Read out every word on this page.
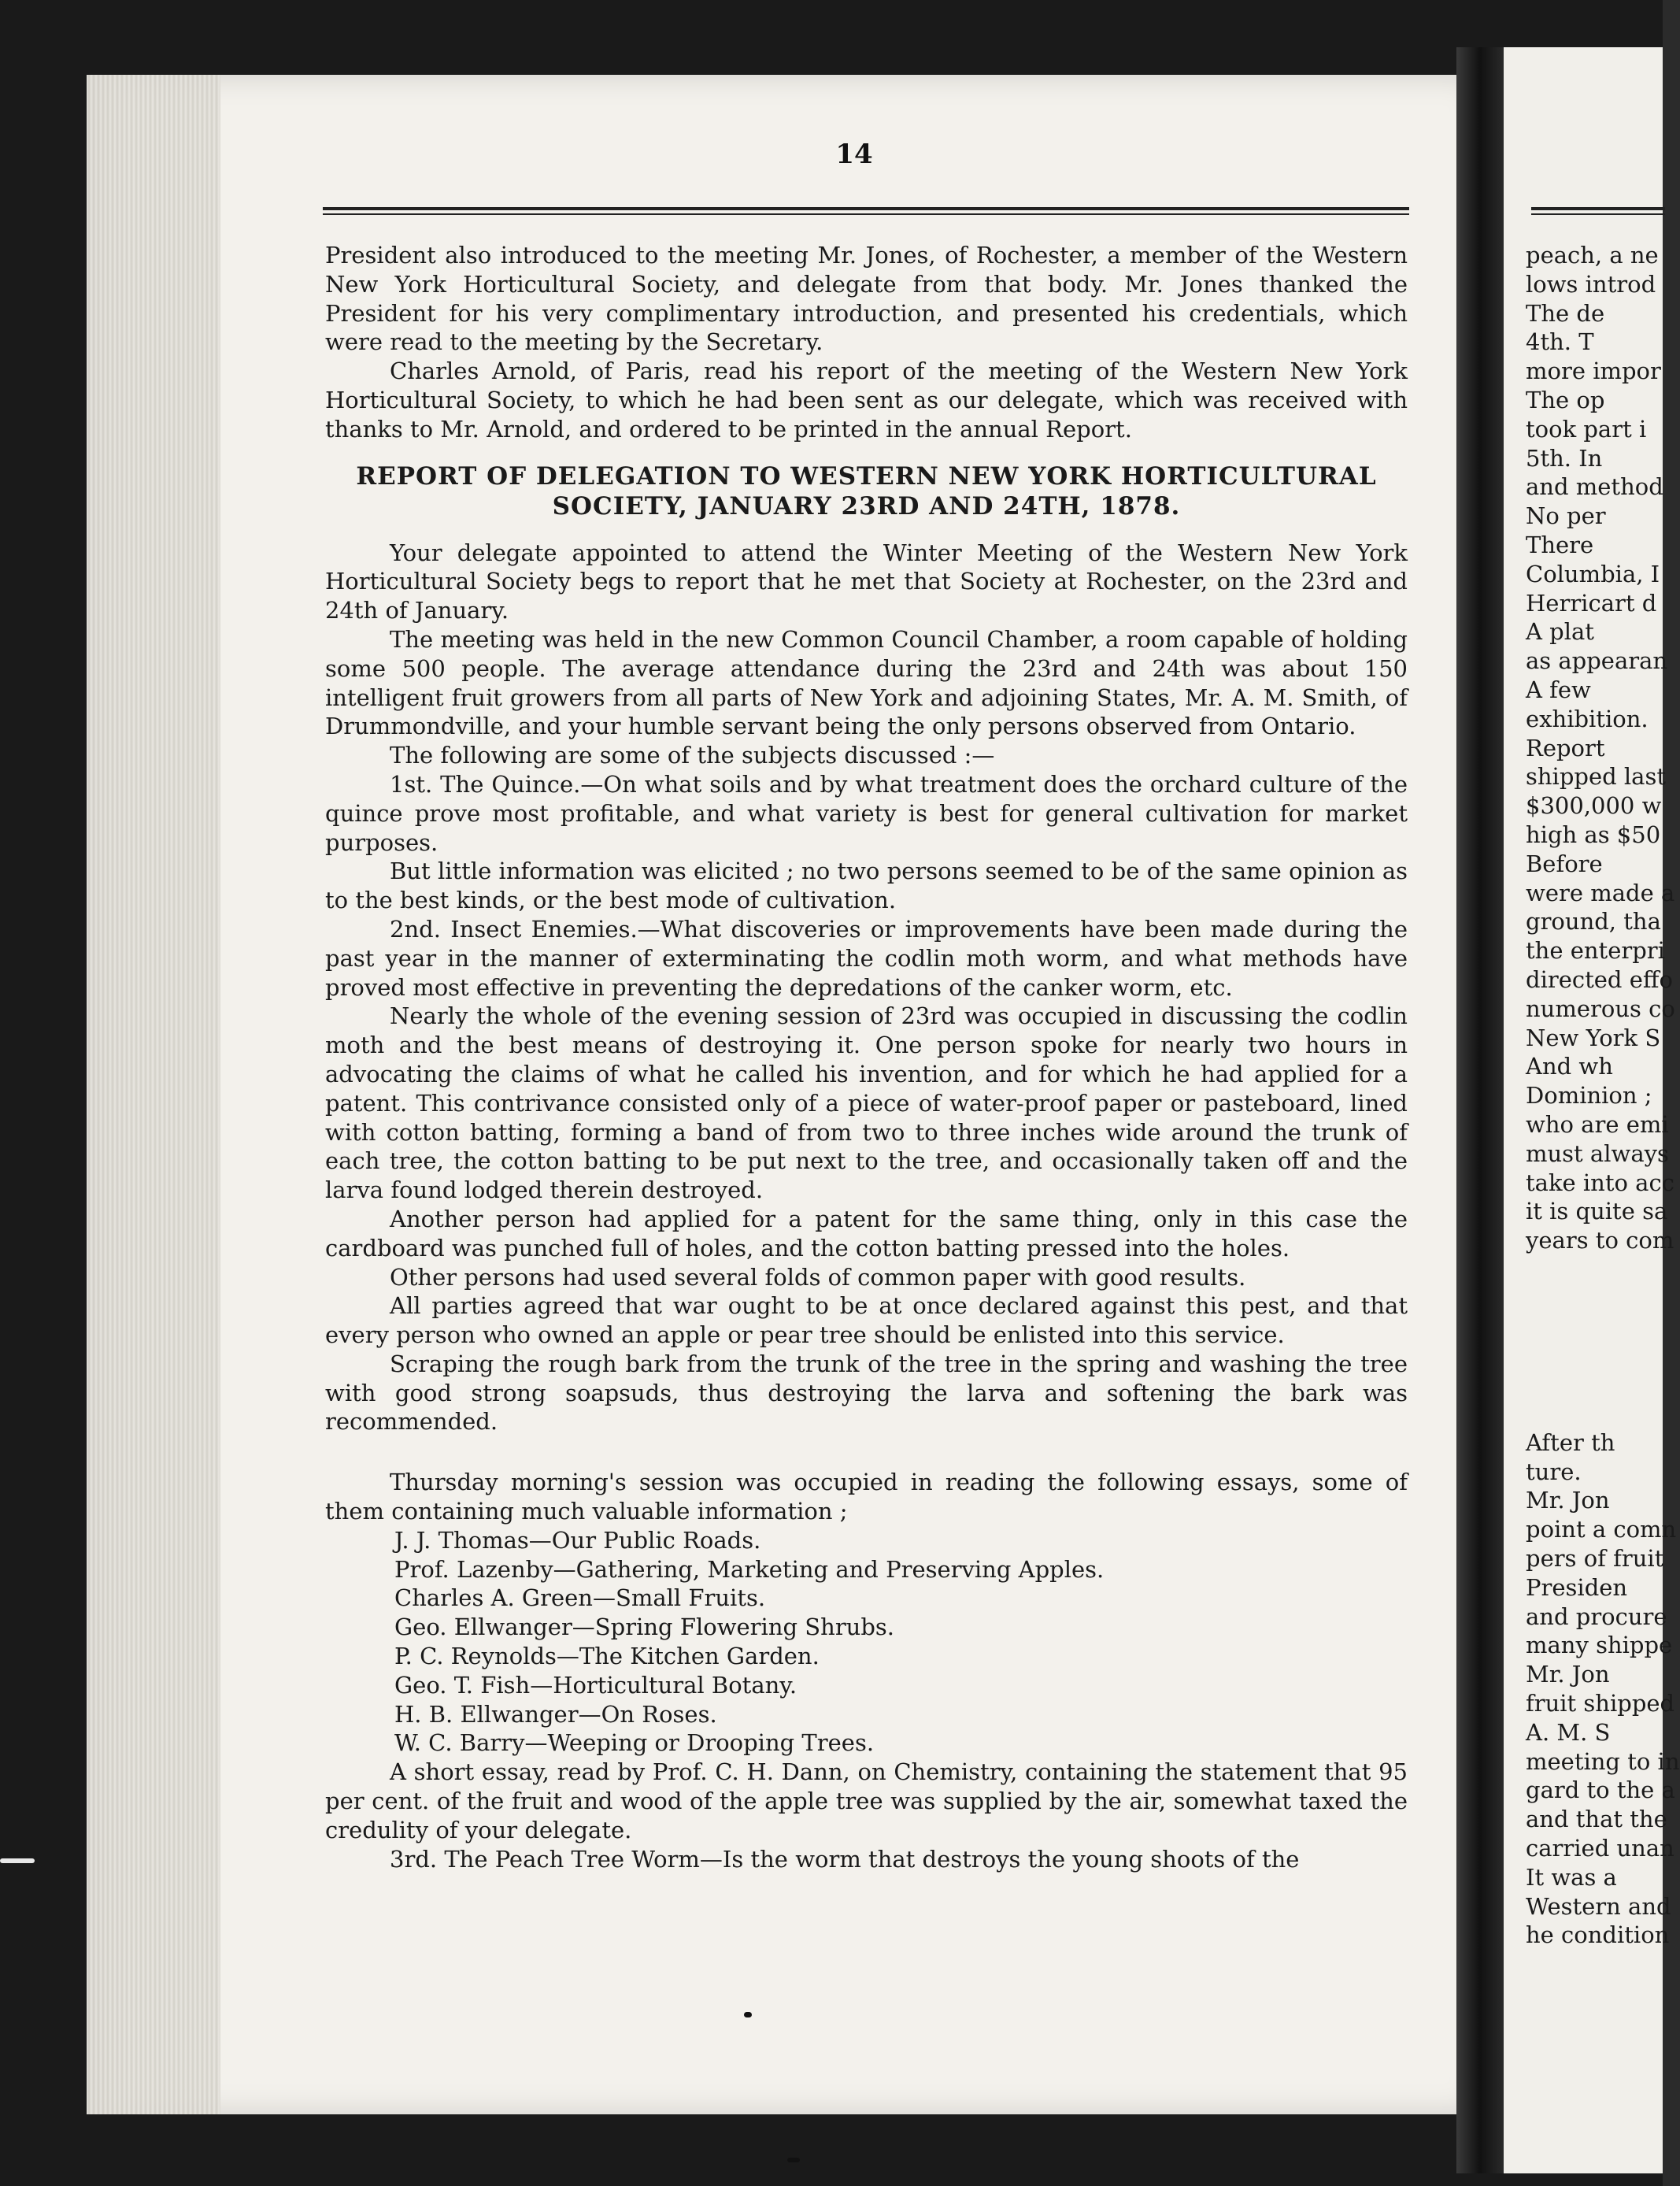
14

President also introduced to the meeting Mr. Jones, of Rochester, a member of the Western New York Horticultural Society, and delegate from that body. Mr. Jones thanked the President for his very complimentary introduction, and presented his credentials, which were read to the meeting by the Secretary.

Charles Arnold, of Paris, read his report of the meeting of the Western New York Horticultural Society, to which he had been sent as our delegate, which was received with thanks to Mr. Arnold, and ordered to be printed in the annual Report.

REPORT OF DELEGATION TO WESTERN NEW YORK HORTICULTURAL
SOCIETY, JANUARY 23RD AND 24TH, 1878.

Your delegate appointed to attend the Winter Meeting of the Western New York Horticultural Society begs to report that he met that Society at Rochester, on the 23rd and 24th of January.

The meeting was held in the new Common Council Chamber, a room capable of holding some 500 people. The average attendance during the 23rd and 24th was about 150 intelligent fruit growers from all parts of New York and adjoining States, Mr. A. M. Smith, of Drummondville, and your humble servant being the only persons observed from Ontario.

The following are some of the subjects discussed :—

1st. The Quince.—On what soils and by what treatment does the orchard culture of the quince prove most profitable, and what variety is best for general cultivation for market purposes.

But little information was elicited ; no two persons seemed to be of the same opinion as to the best kinds, or the best mode of cultivation.

2nd. Insect Enemies.—What discoveries or improvements have been made during the past year in the manner of exterminating the codlin moth worm, and what methods have proved most effective in preventing the depredations of the canker worm, etc.

Nearly the whole of the evening session of 23rd was occupied in discussing the codlin moth and the best means of destroying it. One person spoke for nearly two hours in advocating the claims of what he called his invention, and for which he had applied for a patent. This contrivance consisted only of a piece of water-proof paper or pasteboard, lined with cotton batting, forming a band of from two to three inches wide around the trunk of each tree, the cotton batting to be put next to the tree, and occasionally taken off and the larva found lodged therein destroyed.

Another person had applied for a patent for the same thing, only in this case the cardboard was punched full of holes, and the cotton batting pressed into the holes.

Other persons had used several folds of common paper with good results.

All parties agreed that war ought to be at once declared against this pest, and that every person who owned an apple or pear tree should be enlisted into this service.

Scraping the rough bark from the trunk of the tree in the spring and washing the tree with good strong soapsuds, thus destroying the larva and softening the bark was recommended.

Thursday morning's session was occupied in reading the following essays, some of them containing much valuable information ;

J. J. Thomas—Our Public Roads.

Prof. Lazenby—Gathering, Marketing and Preserving Apples.

Charles A. Green—Small Fruits.

Geo. Ellwanger—Spring Flowering Shrubs.

P. C. Reynolds—The Kitchen Garden.

Geo. T. Fish—Horticultural Botany.

H. B. Ellwanger—On Roses.

W. C. Barry—Weeping or Drooping Trees.

A short essay, read by Prof. C. H. Dann, on Chemistry, containing the statement that 95 per cent. of the fruit and wood of the apple tree was supplied by the air, somewhat taxed the credulity of your delegate.

3rd. The Peach Tree Worm—Is the worm that destroys the young shoots of the

peach, a ne
lows introd
The de
4th. T
more impor
The op
took part i
5th. In
and method
No per
There
Columbia, I
Herricart d
A plat
as appearan
A few
exhibition.
Report
shipped last
$300,000 w
high as $50
Before
were made a
ground, tha
the enterpri
directed effo
numerous co
New York S
And wh
Dominion ;
who are emi
must always
take into acc
it is quite sa
years to com
After th
ture.
Mr. Jon
point a comn
pers of fruit
Presiden
and procure
many shippe
Mr. Jon
fruit shipped
A. M. S
meeting to in
gard to the a
and that the
carried unan
It was a
Western and
he condition
